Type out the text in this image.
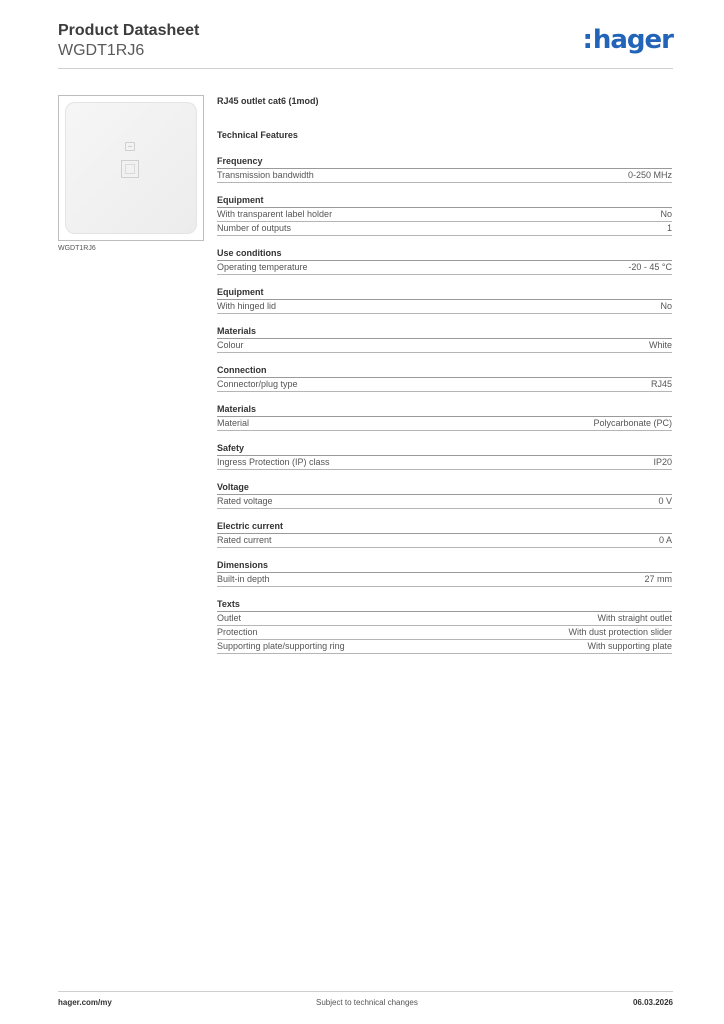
Product Datasheet
WGDT1RJ6	:hager
WGDT1RJ6
RJ45 outlet cat6 (1mod)
Technical Features
Frequency
Transmission bandwidth	0-250 MHz
Equipment
With transparent label holder	No
Number of outputs	1
Use conditions
Operating temperature	-20 - 45 °C
Equipment
With hinged lid	No
Materials
Colour	White
Connection
Connector/plug type	RJ45
Materials
Material	Polycarbonate (PC)
Safety
Ingress Protection (IP) class	IP20
Voltage
Rated voltage	0 V
Electric current
Rated current	0 A
Dimensions
Built-in depth	27 mm
Texts
Outlet	With straight outlet
Protection	With dust protection slider
Supporting plate/supporting ring	With supporting plate
hager.com/my	Subject to technical changes	06.03.2026
